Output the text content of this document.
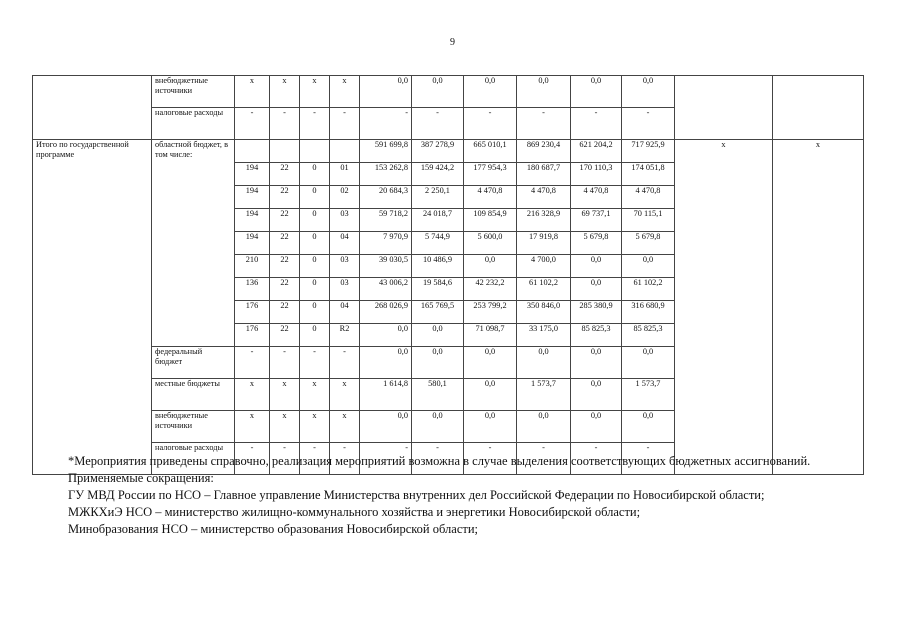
9
	внебюджетные источники	х	х	х	х	0,0	0,0	0,0	0,0	0,0	0,0		
	налоговые расходы	-	-	-	-	-	-	-	-	-	-		
Итого по государственной программе	областной бюджет, в том числе:					591 699,8	387 278,9	665 010,1	869 230,4	621 204,2	717 925,9	х	х
		194	22	0	01	153 262,8	159 424,2	177 954,3	180 687,7	170 110,3	174 051,8		
		194	22	0	02	20 684,3	2 250,1	4 470,8	4 470,8	4 470,8	4 470,8		
		194	22	0	03	59 718,2	24 018,7	109 854,9	216 328,9	69 737,1	70 115,1		
		194	22	0	04	7 970,9	5 744,9	5 600,0	17 919,8	5 679,8	5 679,8		
		210	22	0	03	39 030,5	10 486,9	0,0	4 700,0	0,0	0,0		
		136	22	0	03	43 006,2	19 584,6	42 232,2	61 102,2	0,0	61 102,2		
		176	22	0	04	268 026,9	165 769,5	253 799,2	350 846,0	285 380,9	316 680,9		
		176	22	0	R2	0,0	0,0	71 098,7	33 175,0	85 825,3	85 825,3		
	федеральный бюджет	-	-	-	-	0,0	0,0	0,0	0,0	0,0	0,0		
	местные бюджеты	х	х	х	х	1 614,8	580,1	0,0	1 573,7	0,0	1 573,7		
	внебюджетные источники	х	х	х	х	0,0	0,0	0,0	0,0	0,0	0,0		
	налоговые расходы	-	-	-	-	-	-	-	-	-	-		

*Мероприятия приведены справочно, реализация мероприятий возможна в случае выделения соответствующих бюджетных ассигнований.

Применяемые сокращения:

ГУ МВД России по НСО – Главное управление Министерства внутренних дел Российской Федерации по Новосибирской области;

МЖКХиЭ НСО – министерство жилищно-коммунального хозяйства и энергетики Новосибирской области;

Минобразования НСО – министерство образования Новосибирской области;
